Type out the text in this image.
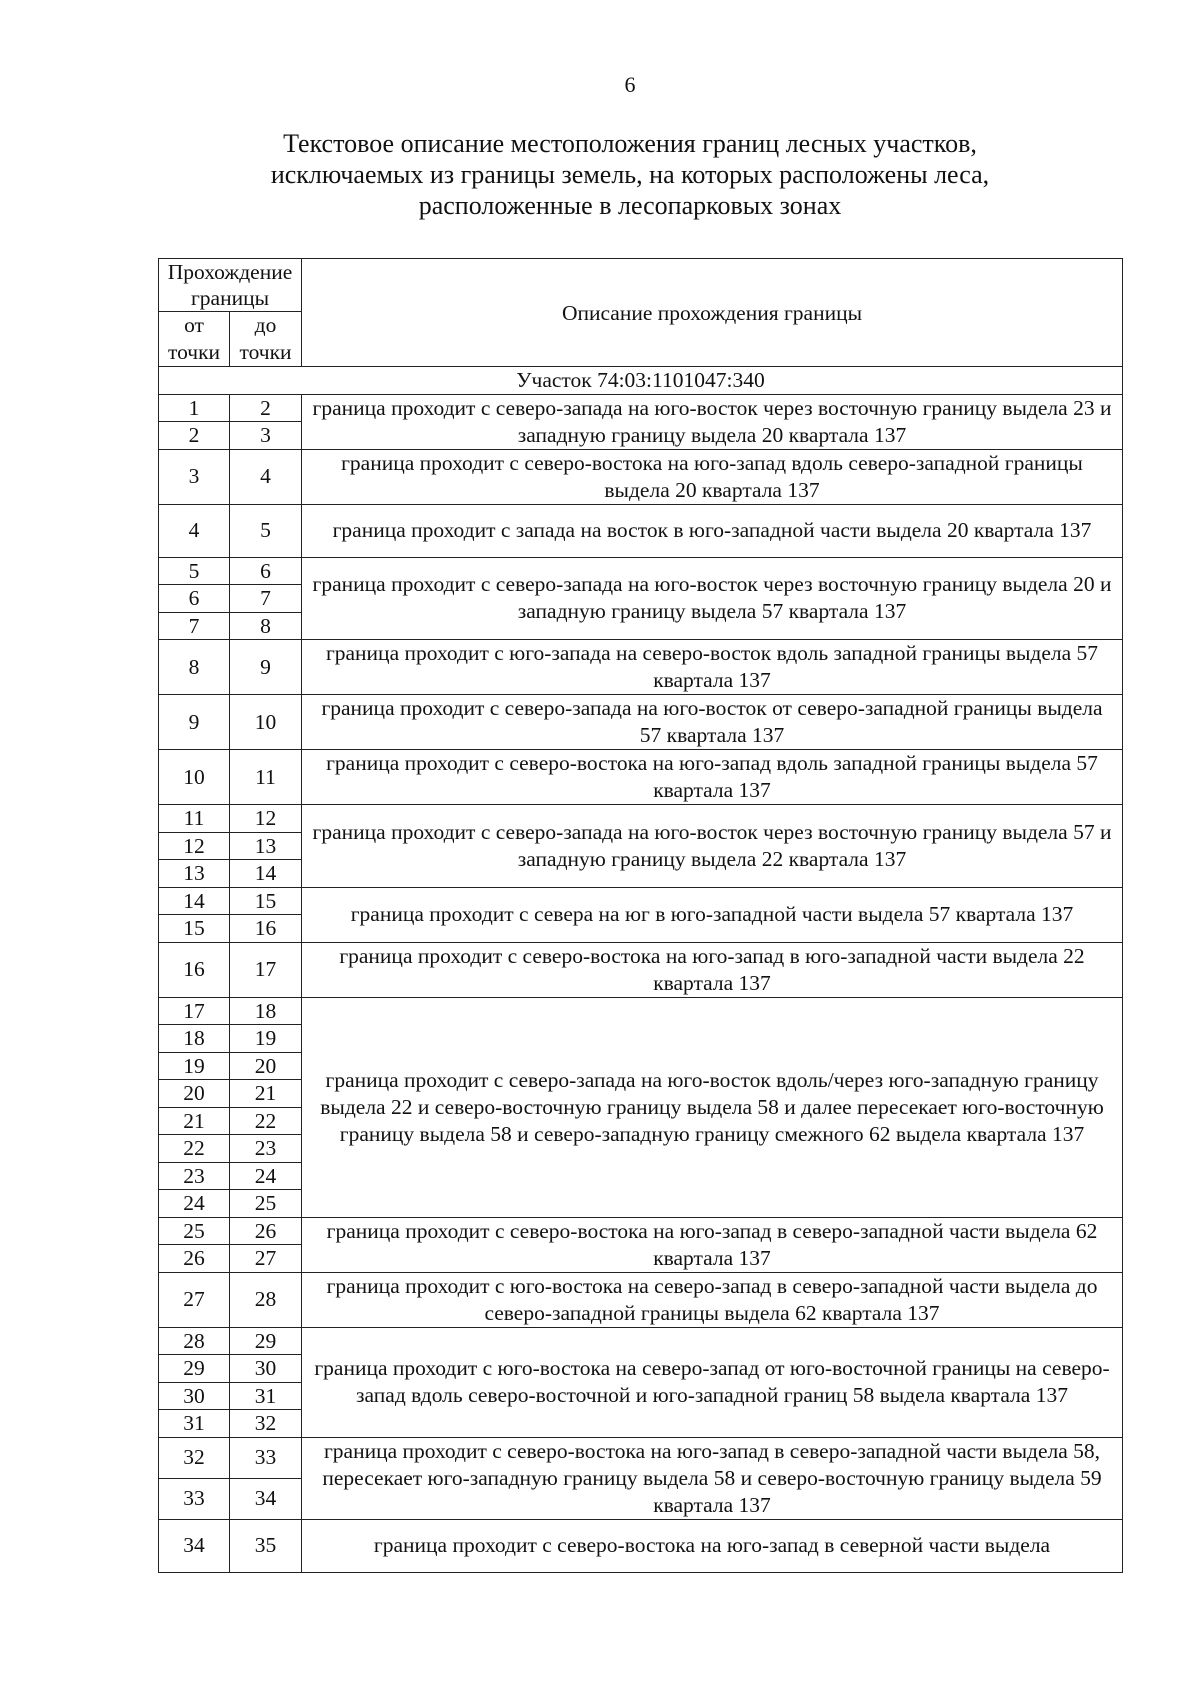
6
Текстовое описание местоположения границ лесных участков,
исключаемых из границы земель, на которых расположены леса,
расположенные в лесопарковых зонах
Прохождение границы		Описание прохождения границы
от точки	до точки	
Участок 74:03:1101047:340		
1	2	граница проходит с северо-запада на юго-восток через восточную границу выдела 23 и западную границу выдела 20 квартала 137
2	3	
3	4	граница проходит с северо-востока на юго-запад вдоль северо-западной границы выдела 20 квартала 137
4	5	граница проходит с запада на восток в юго-западной части выдела 20 квартала 137
5	6	граница проходит с северо-запада на юго-восток через восточную границу выдела 20 и западную границу выдела 57 квартала 137
6	7	
7	8	
8	9	граница проходит с юго-запада на северо-восток вдоль западной границы выдела 57 квартала 137
9	10	граница проходит с северо-запада на юго-восток от северо-западной границы выдела 57 квартала 137
10	11	граница проходит с северо-востока на юго-запад вдоль западной границы выдела 57 квартала 137
11	12	граница проходит с северо-запада на юго-восток через восточную границу выдела 57 и западную границу выдела 22 квартала 137
12	13	
13	14	
14	15	граница проходит с севера на юг в юго-западной части выдела 57 квартала 137
15	16	
16	17	граница проходит с северо-востока на юго-запад в юго-западной части выдела 22 квартала 137
17	18	граница проходит с северо-запада на юго-восток вдоль/через юго-западную границу выдела 22 и северо-восточную границу выдела 58 и далее пересекает юго-восточную границу выдела 58 и северо-западную границу смежного 62 выдела квартала 137
18	19	
19	20	
20	21	
21	22	
22	23	
23	24	
24	25	
25	26	граница проходит с северо-востока на юго-запад в северо-западной части выдела 62 квартала 137
26	27	
27	28	граница проходит с юго-востока на северо-запад в северо-западной части выдела до северо-западной границы выдела 62 квартала 137
28	29	граница проходит с юго-востока на северо-запад от юго-восточной границы на северо-запад вдоль северо-восточной и юго-западной границ 58 выдела квартала 137
29	30	
30	31	
31	32	
32	33	граница проходит с северо-востока на юго-запад в северо-западной части выдела 58, пересекает юго-западную границу выдела 58 и северо-восточную границу выдела 59 квартала 137
33	34	
34	35	граница проходит с северо-востока на юго-запад в северной части выдела
